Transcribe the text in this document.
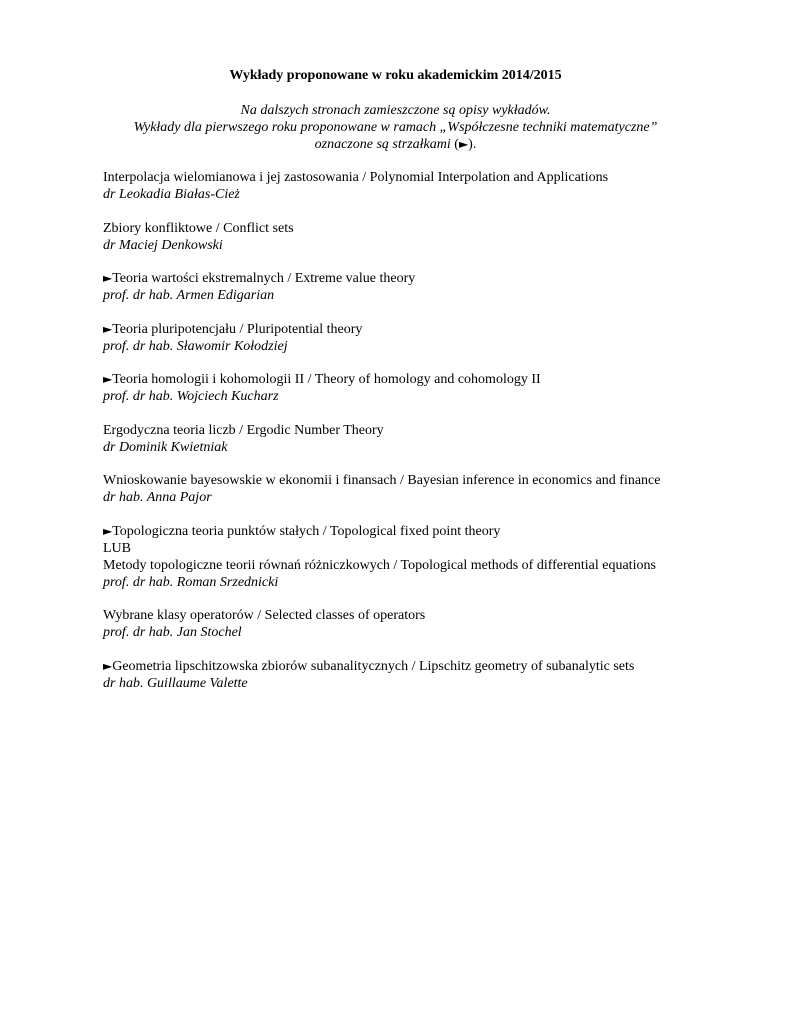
Wykłady proponowane w roku akademickim 2014/2015
Na dalszych stronach zamieszczone są opisy wykładów.
Wykłady dla pierwszego roku proponowane w ramach „Współczesne techniki matematyczne”
oznaczone są strzałkami (►).
Interpolacja wielomianowa i jej zastosowania / Polynomial Interpolation and Applications
dr Leokadia Białas-Cież
Zbiory konfliktowe / Conflict sets
dr Maciej Denkowski
►Teoria wartości ekstremalnych / Extreme value theory
prof. dr hab. Armen Edigarian
►Teoria pluripotencjału / Pluripotential theory
prof. dr hab. Sławomir Kołodziej
►Teoria homologii i kohomologii II / Theory of homology and cohomology II
prof. dr hab. Wojciech Kucharz
Ergodyczna teoria liczb / Ergodic Number Theory
dr Dominik Kwietniak
Wnioskowanie bayesowskie w ekonomii i finansach / Bayesian inference in economics and finance
dr hab. Anna Pajor
►Topologiczna teoria punktów stałych / Topological fixed point theory
LUB
Metody topologiczne teorii równań różniczkowych / Topological methods of differential equations
prof. dr hab. Roman Srzednicki
Wybrane klasy operatorów / Selected classes of operators
prof. dr hab. Jan Stochel
►Geometria lipschitzowska zbiorów subanalitycznych / Lipschitz geometry of subanalytic sets
dr hab. Guillaume Valette
